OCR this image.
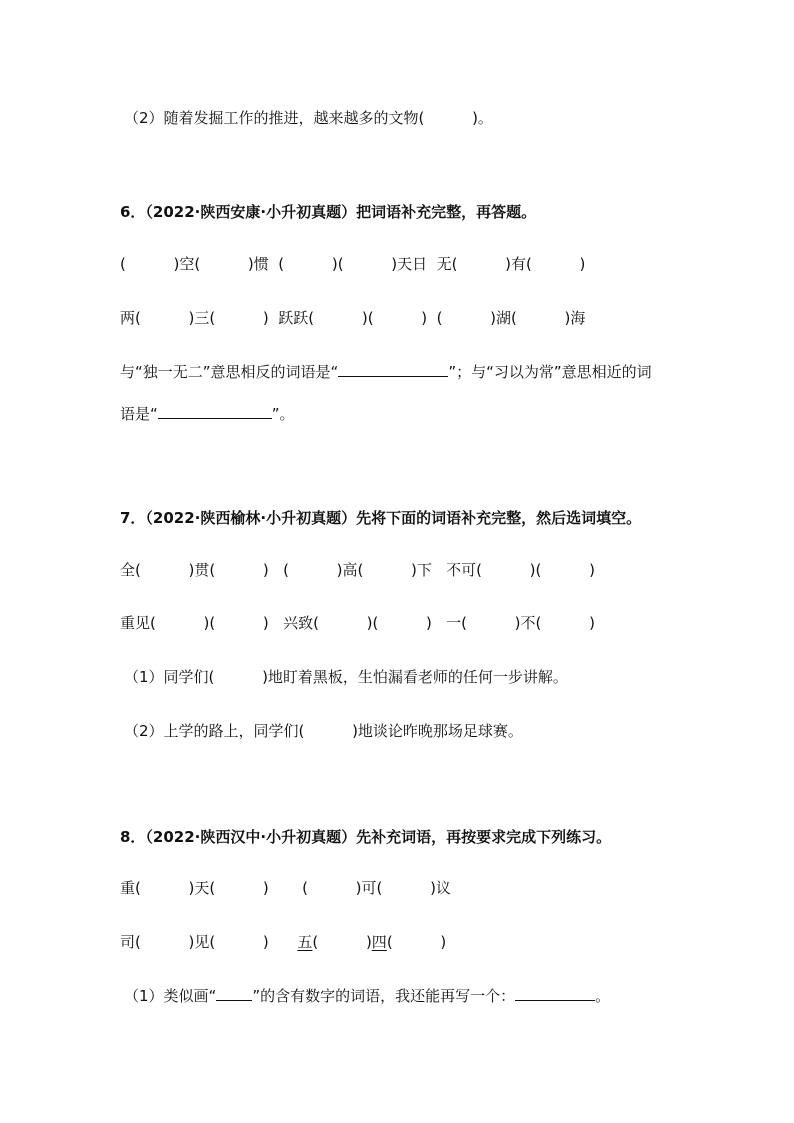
（2）随着发掘工作的推进，越来越多的文物(          )。
6．（2022·陕西安康·小升初真题）把词语补充完整，再答题。
(          )空(          )惯  (          )(          )天日  无(          )有(          )
两(          )三(          )  跃跃(          )(          )  (          )湖(          )海
与“独一无二”意思相反的词语是“	”；与“习以为常”意思相近的词
语是“	”。
7．（2022·陕西榆林·小升初真题）先将下面的词语补充完整，然后选词填空。
全(          )贯(          )   (          )高(          )下   不可(          )(          )
重见(          )(          )   兴致(          )(          )   一(          )不(          )
（1）同学们(          )地盯着黑板，生怕漏看老师的任何一步讲解。
（2）上学的路上，同学们(          )地谈论昨晚那场足球赛。
8．（2022·陕西汉中·小升初真题）先补充词语，再按要求完成下列练习。
重(          )天(          )       (          )可(          )议
司(          )见(          )      五(          )四(          )
（1）类似画“ ”的含有数字的词语，我还能再写一个：	。
